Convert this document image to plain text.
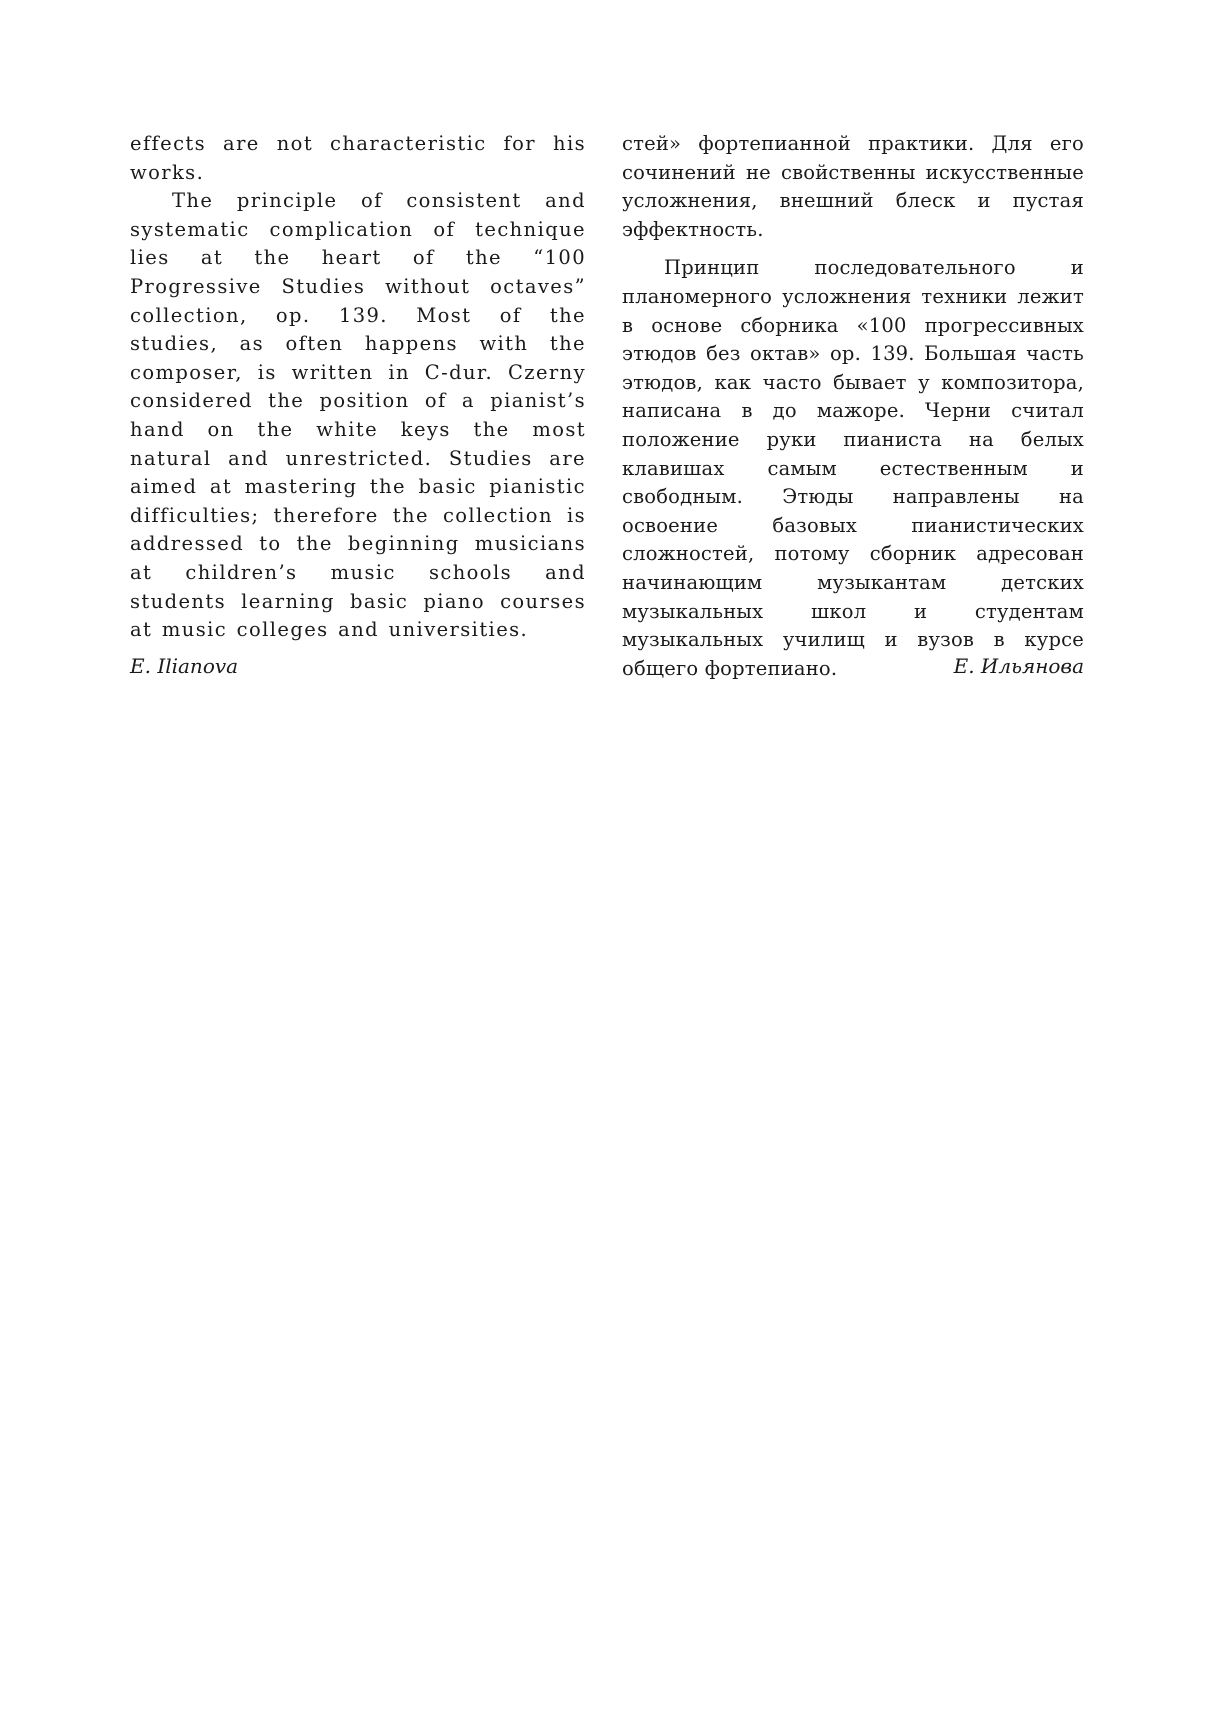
effects are not characteristic for his works.

The principle of consistent and systematic complication of technique lies at the heart of the “100 Progressive Studies without octaves” collection, op. 139. Most of the studies, as often happens with the composer, is written in C-dur. Czerny considered the position of a pianist’s hand on the white keys the most natural and unrestricted. Studies are aimed at mastering the basic pianistic difficulties; therefore the collection is addressed to the beginning musicians at children’s music schools and students learning basic piano courses at music colleges and universities.

стей» фортепианной практики. Для его сочинений не свойственны искусственные усложнения, внешний блеск и пустая эффектность.

Принцип последовательного и планомерного усложнения техники лежит в основе сборника «100 прогрессивных этюдов без октав» ор. 139. Большая часть этюдов, как часто бывает у композитора, написана в до мажоре. Черни считал положение руки пианиста на белых клавишах самым естественным и свободным. Этюды направлены на освоение базовых пианистических сложностей, потому сборник адресован начинающим музыкантам детских музыкальных школ и студентам музыкальных училищ и вузов в курсе общего фортепиано.

E. Ilianova	Е. Ильянова
